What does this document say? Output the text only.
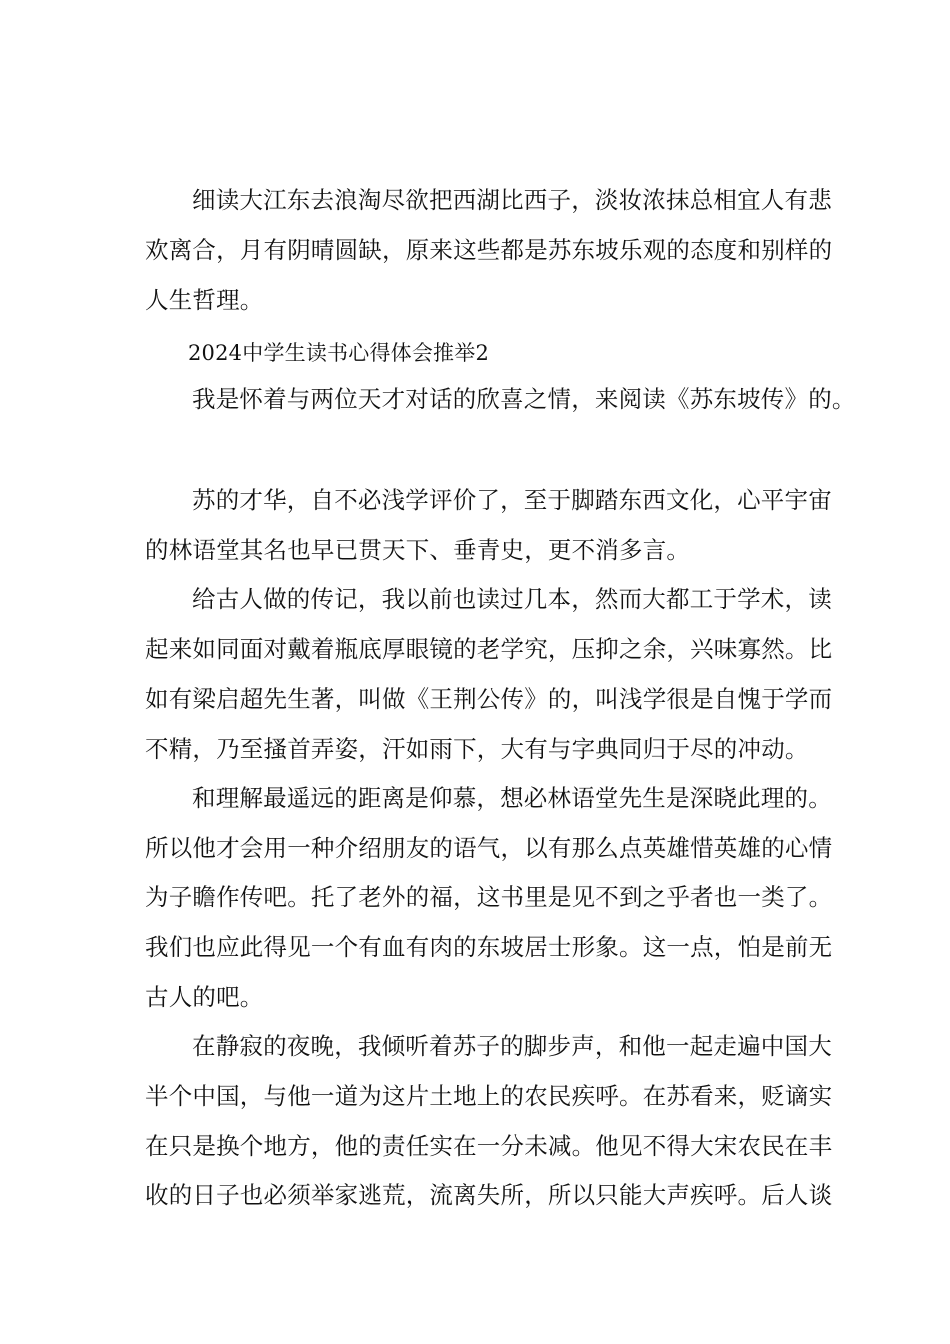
细读大江东去浪淘尽欲把西湖比西子，淡妆浓抹总相宜人有悲
欢离合，月有阴晴圆缺，原来这些都是苏东坡乐观的态度和别样的
人生哲理。
2024中学生读书心得体会推举2
我是怀着与两位天才对话的欣喜之情，来阅读《苏东坡传》的。
苏的才华，自不必浅学评价了，至于脚踏东西文化，心平宇宙
的林语堂其名也早已贯天下、垂青史，更不消多言。
给古人做的传记，我以前也读过几本，然而大都工于学术，读
起来如同面对戴着瓶底厚眼镜的老学究，压抑之余，兴味寡然。比
如有梁启超先生著，叫做《王荆公传》的，叫浅学很是自愧于学而
不精，乃至搔首弄姿，汗如雨下，大有与字典同归于尽的冲动。
和理解最遥远的距离是仰慕，想必林语堂先生是深晓此理的。
所以他才会用一种介绍朋友的语气，以有那么点英雄惜英雄的心情
为子瞻作传吧。托了老外的福，这书里是见不到之乎者也一类了。
我们也应此得见一个有血有肉的东坡居士形象。这一点，怕是前无
古人的吧。
在静寂的夜晚，我倾听着苏子的脚步声，和他一起走遍中国大
半个中国，与他一道为这片土地上的农民疾呼。在苏看来，贬谪实
在只是换个地方，他的责任实在一分未减。他见不得大宋农民在丰
收的日子也必须举家逃荒，流离失所，所以只能大声疾呼。后人谈
